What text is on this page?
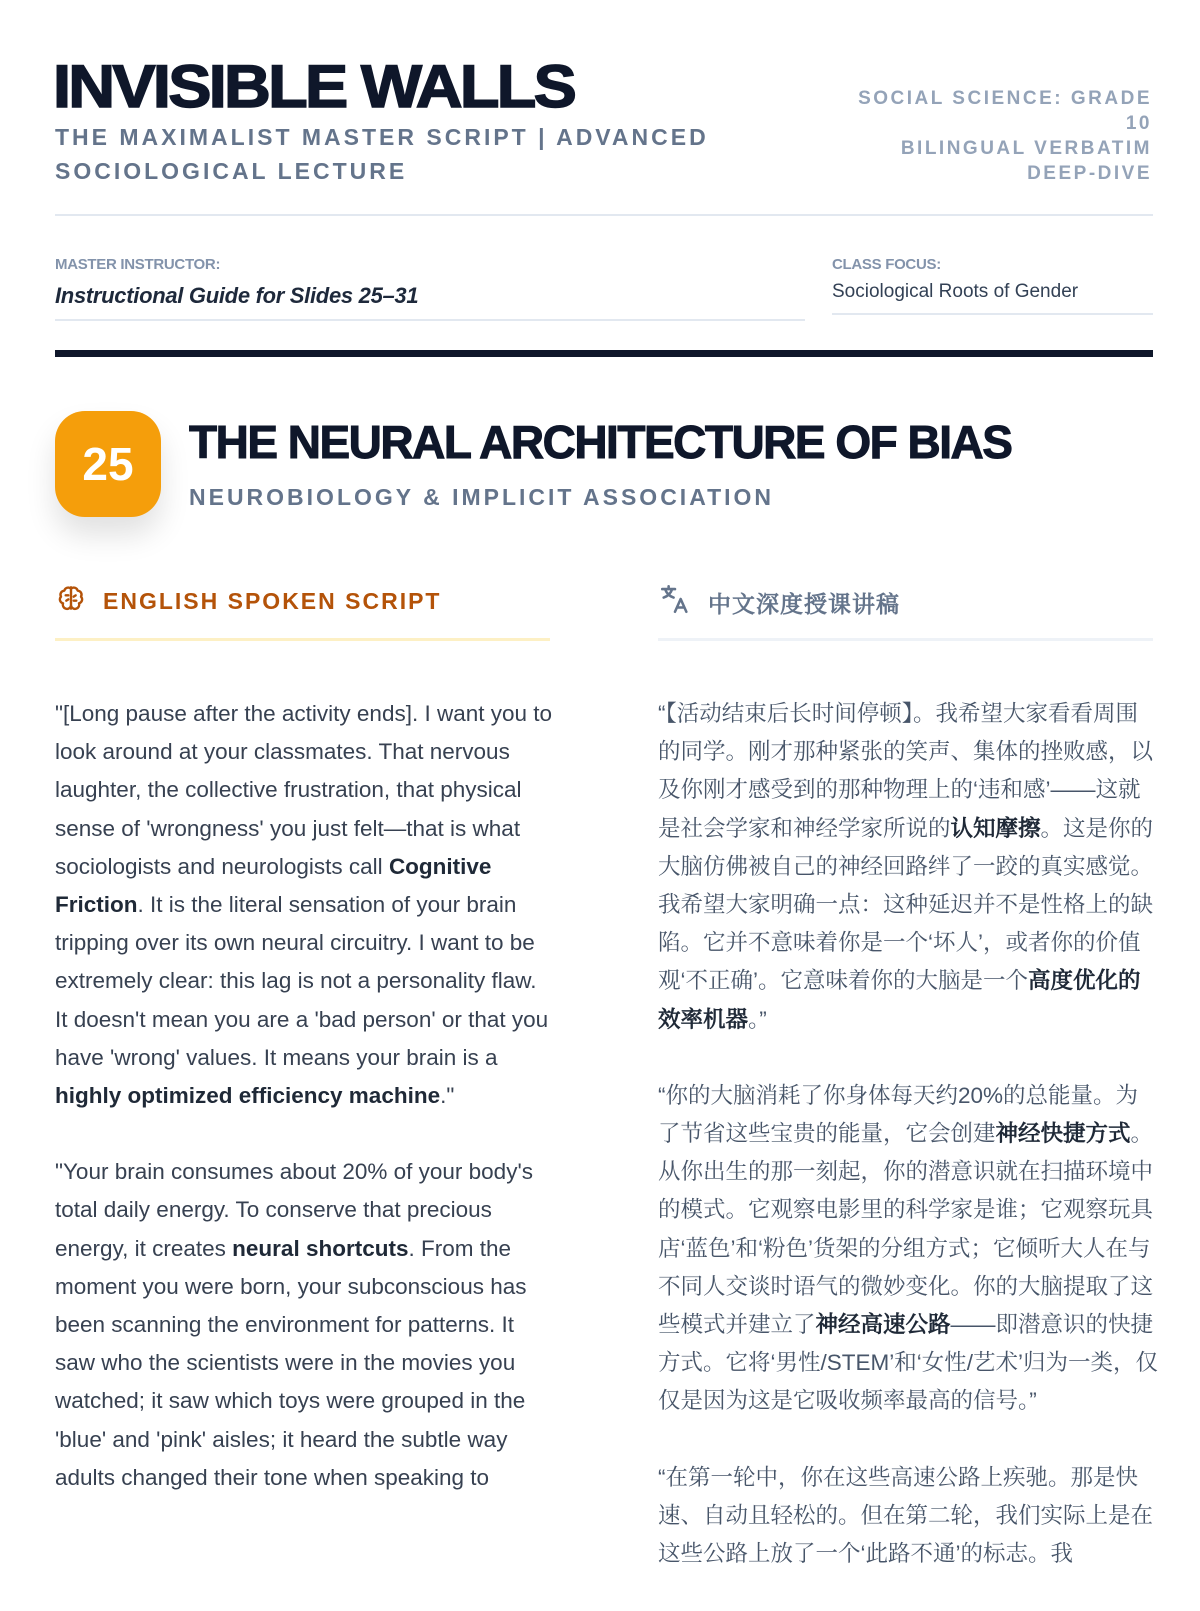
INVISIBLE WALLS
THE MAXIMALIST MASTER SCRIPT | ADVANCED SOCIOLOGICAL LECTURE
SOCIAL SCIENCE: GRADE 10
BILINGUAL VERBATIM DEEP-DIVE
MASTER INSTRUCTOR:
Instructional Guide for Slides 25–31
CLASS FOCUS:
Sociological Roots of Gender
25	THE NEURAL ARCHITECTURE OF BIAS
NEUROBIOLOGY & IMPLICIT ASSOCIATION
ENGLISH SPOKEN SCRIPT	中文深度授课讲稿

"[Long pause after the activity ends]. I want you to look around at your classmates. That nervous laughter, the collective frustration, that physical sense of 'wrongness' you just felt—that is what sociologists and neurologists call Cognitive Friction. It is the literal sensation of your brain tripping over its own neural circuitry. I want to be extremely clear: this lag is not a personality flaw. It doesn't mean you are a 'bad person' or that you have 'wrong' values. It means your brain is a highly optimized efficiency machine."

"Your brain consumes about 20% of your body's total daily energy. To conserve that precious energy, it creates neural shortcuts. From the moment you were born, your subconscious has been scanning the environment for patterns. It saw who the scientists were in the movies you watched; it saw which toys were grouped in the 'blue' and 'pink' aisles; it heard the subtle way adults changed their tone when speaking to

“【活动结束后长时间停顿】。我希望大家看看周围的同学。刚才那种紧张的笑声、集体的挫败感，以及你刚才感受到的那种物理上的‘违和感’——这就是社会学家和神经学家所说的认知摩擦。这是你的大脑仿佛被自己的神经回路绊了一跤的真实感觉。我希望大家明确一点：这种延迟并不是性格上的缺陷。它并不意味着你是一个‘坏人’，或者你的价值观‘不正确’。它意味着你的大脑是一个高度优化的效率机器。”

“你的大脑消耗了你身体每天约20%的总能量。为了节省这些宝贵的能量，它会创建神经快捷方式。从你出生的那一刻起，你的潜意识就在扫描环境中的模式。它观察电影里的科学家是谁；它观察玩具店‘蓝色’和‘粉色’货架的分组方式；它倾听大人在与不同人交谈时语气的微妙变化。你的大脑提取了这些模式并建立了神经高速公路——即潜意识的快捷方式。它将‘男性/STEM’和‘女性/艺术’归为一类，仅仅是因为这是它吸收频率最高的信号。”

“在第一轮中，你在这些高速公路上疾驰。那是快速、自动且轻松的。但在第二轮，我们实际上是在这些公路上放了一个‘此路不通’的标志。我
